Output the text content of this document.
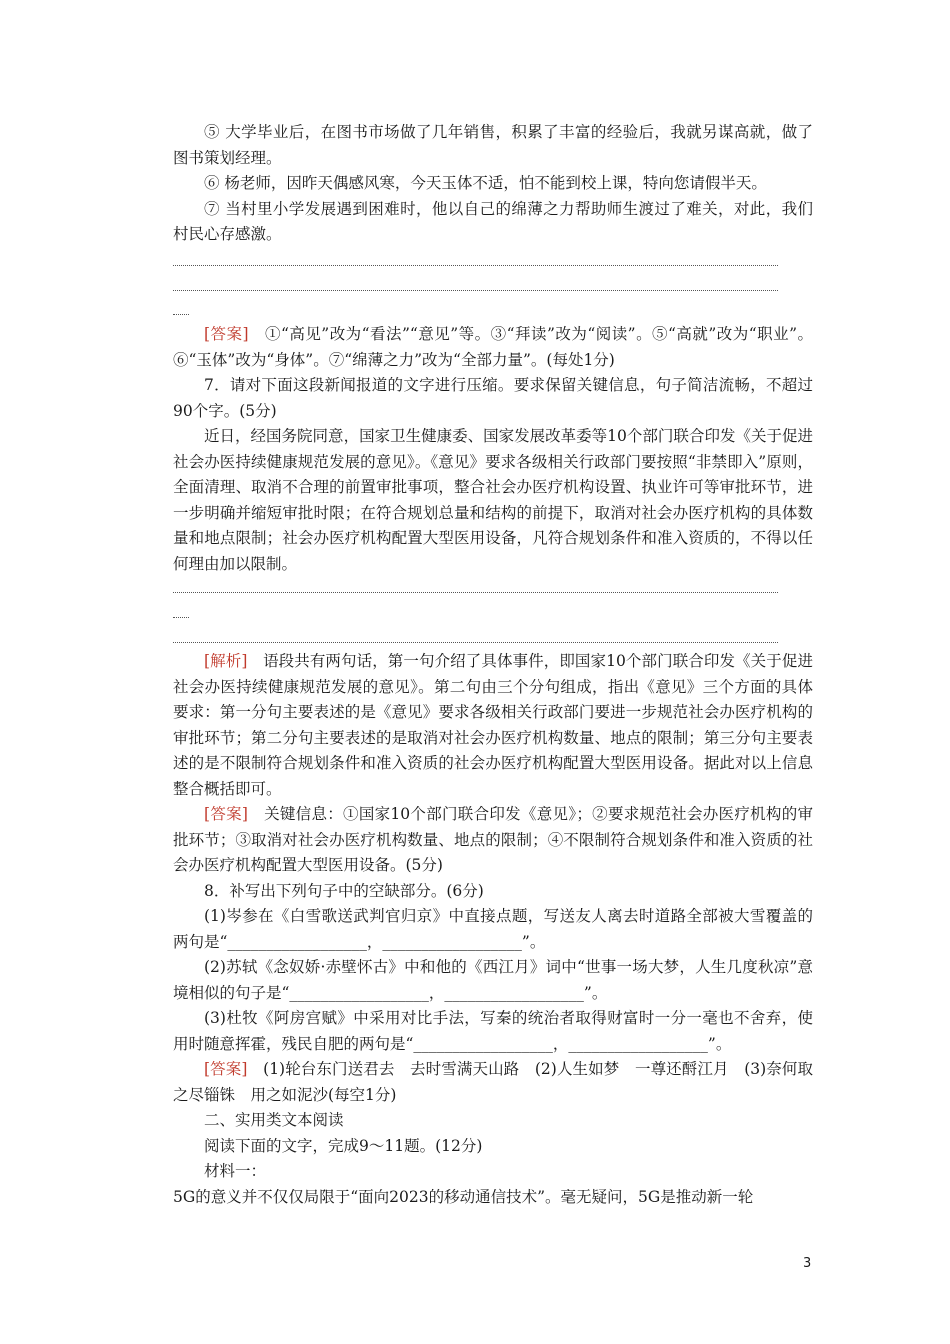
⑤ 大学毕业后，在图书市场做了几年销售，积累了丰富的经验后，我就另谋高就，做了图书策划经理。

⑥ 杨老师，因昨天偶感风寒，今天玉体不适，怕不能到校上课，特向您请假半天。

⑦ 当村里小学发展遇到困难时，他以自己的绵薄之力帮助师生渡过了难关，对此，我们村民心存感激。

[答案]　 ①“高见”改为“看法”“意见”等。③“拜读”改为“阅读”。⑤“高就”改为“职业”。⑥“玉体”改为“身体”。⑦“绵薄之力”改为“全部力量”。(每处1分)

7．请对下面这段新闻报道的文字进行压缩。要求保留关键信息，句子简洁流畅，不超过90个字。(5分)

近日，经国务院同意，国家卫生健康委、国家发展改革委等10个部门联合印发《关于促进社会办医持续健康规范发展的意见》。《意见》要求各级相关行政部门要按照“非禁即入”原则，全面清理、取消不合理的前置审批事项，整合社会办医疗机构设置、执业许可等审批环节，进一步明确并缩短审批时限；在符合规划总量和结构的前提下，取消对社会办医疗机构的具体数量和地点限制；社会办医疗机构配置大型医用设备，凡符合规划条件和准入资质的，不得以任何理由加以限制。

[解析]　 语段共有两句话，第一句介绍了具体事件，即国家10个部门联合印发《关于促进社会办医持续健康规范发展的意见》。第二句由三个分句组成，指出《意见》三个方面的具体要求：第一分句主要表述的是《意见》要求各级相关行政部门要进一步规范社会办医疗机构的审批环节；第二分句主要表述的是取消对社会办医疗机构数量、地点的限制；第三分句主要表述的是不限制符合规划条件和准入资质的社会办医疗机构配置大型医用设备。据此对以上信息整合概括即可。

[答案]　 关键信息：①国家10个部门联合印发《意见》；②要求规范社会办医疗机构的审批环节；③取消对社会办医疗机构数量、地点的限制；④不限制符合规划条件和准入资质的社会办医疗机构配置大型医用设备。(5分)

8．补写出下列句子中的空缺部分。(6分)

(1)岑参在《白雪歌送武判官归京》中直接点题，写送友人离去时道路全部被大雪覆盖的两句是“__________________，__________________”。

(2)苏轼《念奴娇·赤壁怀古》中和他的《西江月》词中“世事一场大梦，人生几度秋凉”意境相似的句子是“__________________，__________________”。

(3)杜牧《阿房宫赋》中采用对比手法，写秦的统治者取得财富时一分一毫也不舍弃，使用时随意挥霍，残民自肥的两句是“__________________，__________________”。

[答案]　 (1)轮台东门送君去　去时雪满天山路　(2)人生如梦　一尊还酹江月　(3)奈何取之尽锱铢　用之如泥沙(每空1分)

二、实用类文本阅读

阅读下面的文字，完成9～11题。(12分)

材料一：

5G的意义并不仅仅局限于“面向2023的移动通信技术”。毫无疑问，5G是推动新一轮

3
